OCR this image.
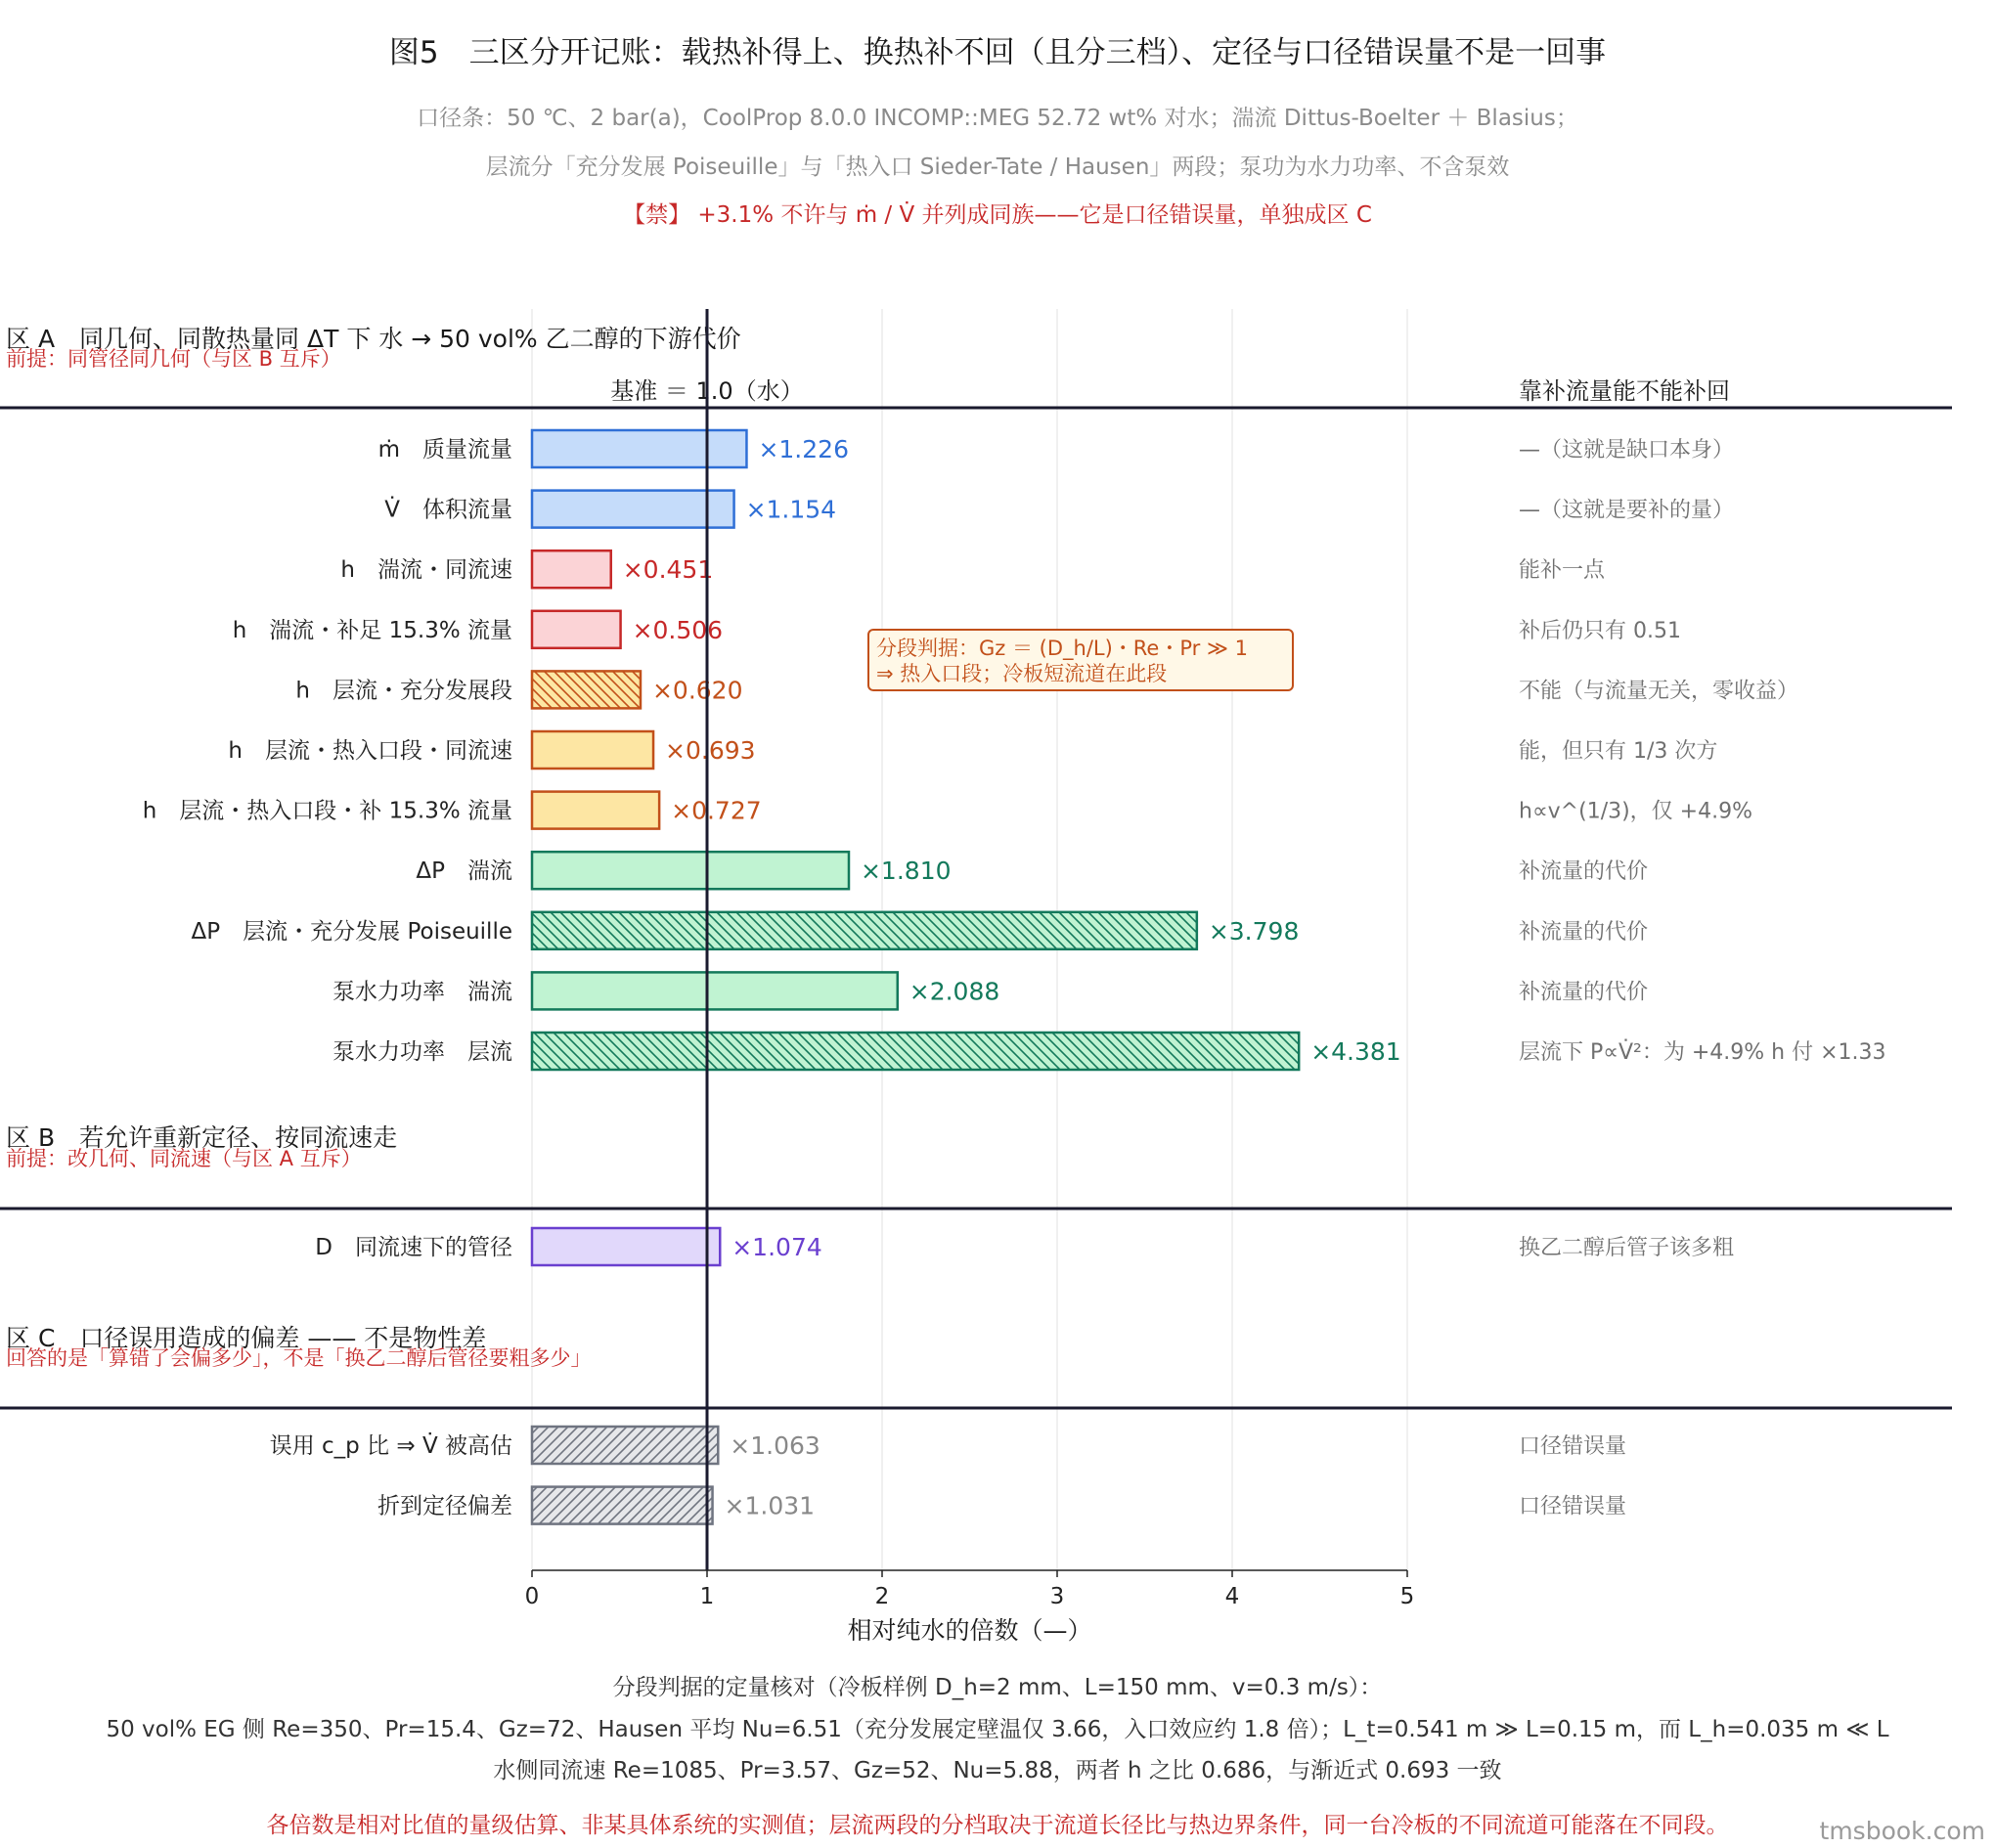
图5　三区分开记账：载热补得上、换热补不回（且分三档）、定径与口径错误量不是一回事
口径条：50 ℃、2 bar(a)，CoolProp 8.0.0 INCOMP::MEG 52.72 wt% 对水；湍流 Dittus-Boelter ＋ Blasius；
层流分「充分发展 Poiseuille」与「热入口 Sieder-Tate / Hausen」两段；泵功为水力功率、不含泵效
【禁】 +3.1% 不许与 ṁ / V̇ 并列成同族——它是口径错误量，单独成区 C
区 A　同几何、同散热量同 ΔT 下 水 → 50 vol% 乙二醇的下游代价
前提：同管径同几何（与区 B 互斥）
区 B　若允许重新定径、按同流速走
前提：改几何、同流速（与区 A 互斥）
区 C　口径误用造成的偏差 —— 不是物性差
回答的是「算错了会偏多少」，不是「换乙二醇后管径要粗多少」
ṁ　质量流量	×1.226	—（这就是缺口本身）
V̇　体积流量	×1.154	—（这就是要补的量）
h　湍流・同流速	×0.451	能补一点
h　湍流・补足 15.3% 流量	×0.506	补后仍只有 0.51
h　层流・充分发展段	×0.620	不能（与流量无关，零收益）
h　层流・热入口段・同流速	×0.693	能，但只有 1/3 次方
h　层流・热入口段・补 15.3% 流量	×0.727	h∝v^(1/3)，仅 +4.9%
ΔP　湍流	×1.810	补流量的代价
ΔP　层流・充分发展 Poiseuille	×3.798	补流量的代价
泵水力功率　湍流	×2.088	补流量的代价
泵水力功率　层流	×4.381	层流下 P∝V̇²：为 +4.9% h 付 ×1.33
D　同流速下的管径	×1.074	换乙二醇后管子该多粗
误用 c_p 比 ⇒ V̇ 被高估	×1.063	口径错误量
折到定径偏差	×1.031	口径错误量
基准 ＝ 1.0（水）	靠补流量能不能补回
0	1	2	3	4	5
相对纯水的倍数（—）
分段判据：Gz ＝ (D_h/L)・Re・Pr ≫ 1
⇒ 热入口段；冷板短流道在此段
分段判据的定量核对（冷板样例 D_h=2 mm、L=150 mm、v=0.3 m/s）：
50 vol% EG 侧 Re=350、Pr=15.4、Gz=72、Hausen 平均 Nu=6.51（充分发展定壁温仅 3.66，入口效应约 1.8 倍）；L_t=0.541 m ≫ L=0.15 m，而 L_h=0.035 m ≪ L
水侧同流速 Re=1085、Pr=3.57、Gz=52、Nu=5.88，两者 h 之比 0.686，与渐近式 0.693 一致
各倍数是相对比值的量级估算、非某具体系统的实测值；层流两段的分档取决于流道长径比与热边界条件，同一台冷板的不同流道可能落在不同段。	tmsbook.com
